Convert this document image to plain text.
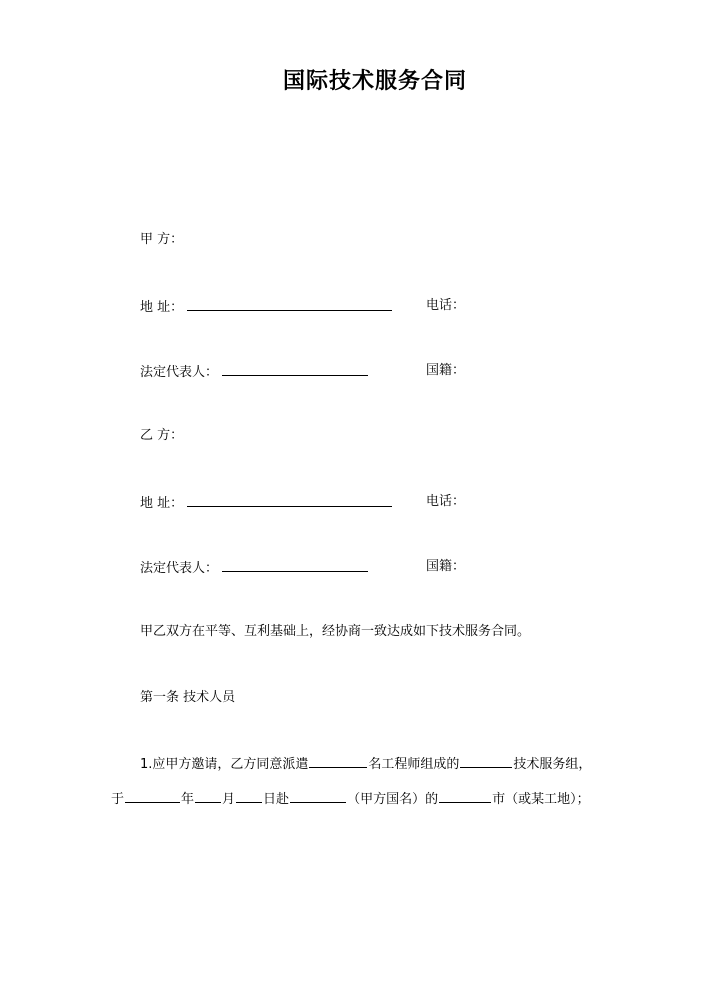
国际技术服务合同
甲 方：
地 址：	电话：
法定代表人：	国籍：
乙 方：
地 址：	电话：
法定代表人：	国籍：
甲乙双方在平等、互利基础上，经协商一致达成如下技术服务合同。
第一条 技术人员
1.应甲方邀请，乙方同意派遣	名工程师组成的	技术服务组，
于	年 月 日赴	（甲方国名）的	市（或某工地）；
